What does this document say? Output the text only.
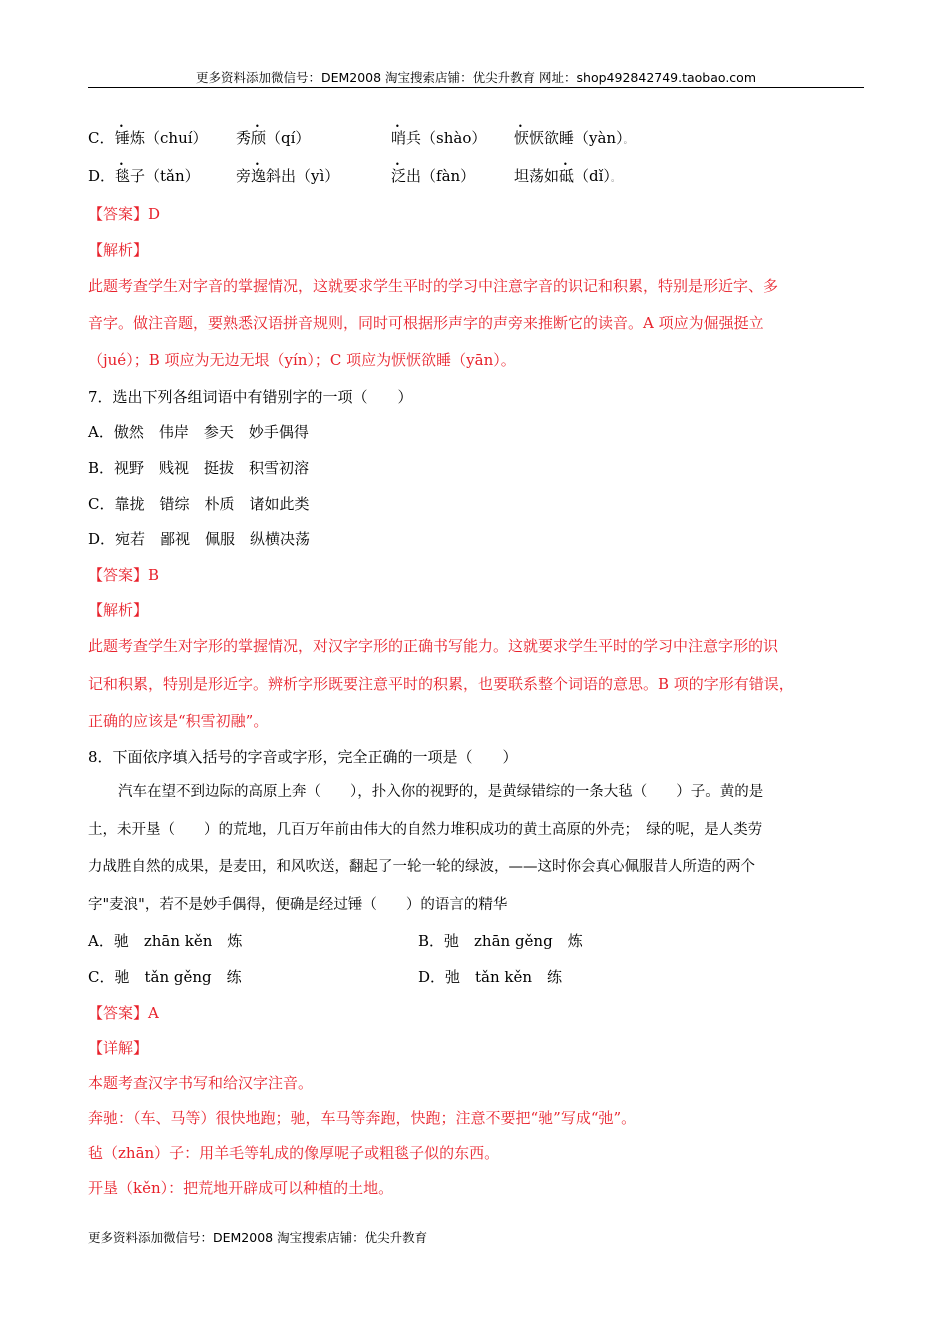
更多资料添加微信号：DEM2008 淘宝搜索店铺：优尖升教育 网址：shop492842749.taobao.com
C． 锤炼（chuí） 秀颀（qí）	哨兵（shào） 恹恹欲睡（yàn）。
D． 毯子（tǎn） 旁逸斜出（yì）	泛出（fàn）	坦荡如砥（dǐ）。
【答案】D
【解析】
此题考查学生对字音的掌握情况，这就要求学生平时的学习中注意字音的识记和积累，特别是形近字、多
音字。做注音题，要熟悉汉语拼音规则，同时可根据形声字的声旁来推断它的读音。A 项应为倔强挺立
（jué）；B 项应为无边无垠（yín）；C 项应为恹恹欲睡（yān）。
7．选出下列各组词语中有错别字的一项（　　）
A．傲然　伟岸　参天　妙手偶得
B．视野　贱视　挺拔　积雪初溶
C．靠拢　错综　朴质　诸如此类
D．宛若　鄙视　佩服　纵横决荡
【答案】B
【解析】
此题考查学生对字形的掌握情况，对汉字字形的正确书写能力。这就要求学生平时的学习中注意字形的识
记和积累，特别是形近字。辨析字形既要注意平时的积累，也要联系整个词语的意思。B 项的字形有错误，
正确的应该是“积雪初融”。
8．下面依序填入括号的字音或字形，完全正确的一项是（　　）
汽车在望不到边际的高原上奔（　　），扑入你的视野的，是黄绿错综的一条大毡（　　）子。黄的是
土，未开垦（　　）的荒地，几百万年前由伟大的自然力堆积成功的黄土高原的外壳；　绿的呢，是人类劳
力战胜自然的成果，是麦田，和风吹送，翻起了一轮一轮的绿波，——这时你会真心佩服昔人所造的两个
字"麦浪"，若不是妙手偶得，便确是经过锤（　　）的语言的精华
A．驰　zhān kěn　炼	B．弛　zhān gěng　炼
C．驰　tǎn gěng　练	D．弛　tǎn kěn　练
【答案】A
【详解】
本题考查汉字书写和给汉字注音。
奔驰：（车、马等）很快地跑；驰，车马等奔跑，快跑；注意不要把“驰”写成“弛”。
毡（zhān）子：用羊毛等轧成的像厚呢子或粗毯子似的东西。
开垦（kěn）：把荒地开辟成可以种植的土地。
更多资料添加微信号：DEM2008 淘宝搜索店铺：优尖升教育
